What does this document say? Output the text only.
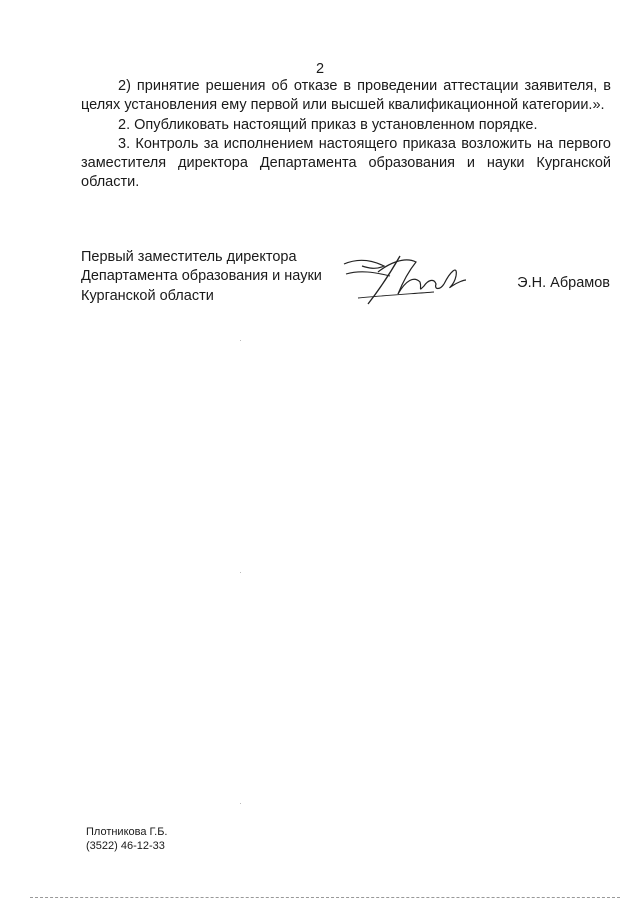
2

2) принятие решения об отказе в проведении аттестации заявителя, в целях установления ему первой или высшей квалификационной категории.».

2. Опубликовать настоящий приказ в установленном порядке.

3. Контроль за исполнением настоящего приказа возложить на первого заместителя директора Департамента образования и науки Курганской области.

Первый заместитель директора
Департамента образования и науки
Курганской области
Э.Н. Абрамов
Плотникова Г.Б.
(3522) 46-12-33
